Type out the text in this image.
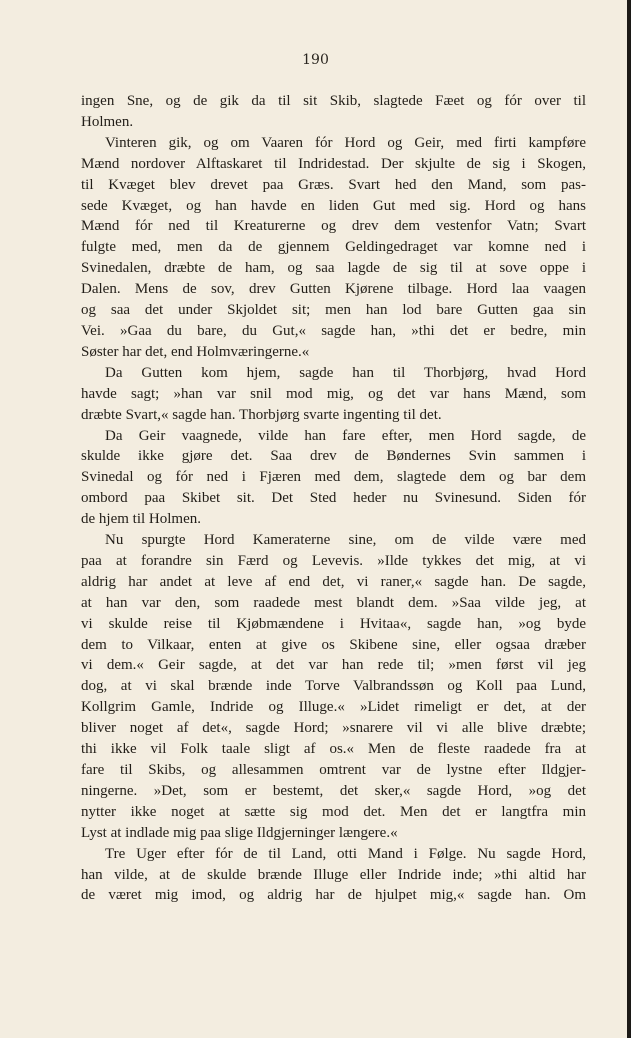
190
ingen Sne, og de gik da til sit Skib, slagtede Fæet og fór over til
Holmen.
Vinteren gik, og om Vaaren fór Hord og Geir, med firti kampføre
Mænd nordover Alftaskaret til Indridestad. Der skjulte de sig i Skogen,
til Kvæget blev drevet paa Græs. Svart hed den Mand, som pas-
sede Kvæget, og han havde en liden Gut med sig. Hord og hans
Mænd fór ned til Kreaturerne og drev dem vestenfor Vatn; Svart
fulgte med, men da de gjennem Geldingedraget var komne ned i
Svinedalen, dræbte de ham, og saa lagde de sig til at sove oppe i
Dalen. Mens de sov, drev Gutten Kjørene tilbage. Hord laa vaagen
og saa det under Skjoldet sit; men han lod bare Gutten gaa sin
Vei. »Gaa du bare, du Gut,« sagde han, »thi det er bedre, min
Søster har det, end Holmværingerne.«
Da Gutten kom hjem, sagde han til Thorbjørg, hvad Hord
havde sagt; »han var snil mod mig, og det var hans Mænd, som
dræbte Svart,« sagde han. Thorbjørg svarte ingenting til det.
Da Geir vaagnede, vilde han fare efter, men Hord sagde, de
skulde ikke gjøre det. Saa drev de Bøndernes Svin sammen i
Svinedal og fór ned i Fjæren med dem, slagtede dem og bar dem
ombord paa Skibet sit. Det Sted heder nu Svinesund. Siden fór
de hjem til Holmen.
Nu spurgte Hord Kameraterne sine, om de vilde være med
paa at forandre sin Færd og Levevis. »Ilde tykkes det mig, at vi
aldrig har andet at leve af end det, vi raner,« sagde han. De sagde,
at han var den, som raadede mest blandt dem. »Saa vilde jeg, at
vi skulde reise til Kjøbmændene i Hvitaa«, sagde han, »og byde
dem to Vilkaar, enten at give os Skibene sine, eller ogsaa dræber
vi dem.« Geir sagde, at det var han rede til; »men først vil jeg
dog, at vi skal brænde inde Torve Valbrandssøn og Koll paa Lund,
Kollgrim Gamle, Indride og Illuge.« »Lidet rimeligt er det, at der
bliver noget af det«, sagde Hord; »snarere vil vi alle blive dræbte;
thi ikke vil Folk taale sligt af os.« Men de fleste raadede fra at
fare til Skibs, og allesammen omtrent var de lystne efter Ildgjer-
ningerne. »Det, som er bestemt, det sker,« sagde Hord, »og det
nytter ikke noget at sætte sig mod det. Men det er langtfra min
Lyst at indlade mig paa slige Ildgjerninger længere.«
Tre Uger efter fór de til Land, otti Mand i Følge. Nu sagde Hord,
han vilde, at de skulde brænde Illuge eller Indride inde; »thi altid har
de været mig imod, og aldrig har de hjulpet mig,« sagde han. Om
